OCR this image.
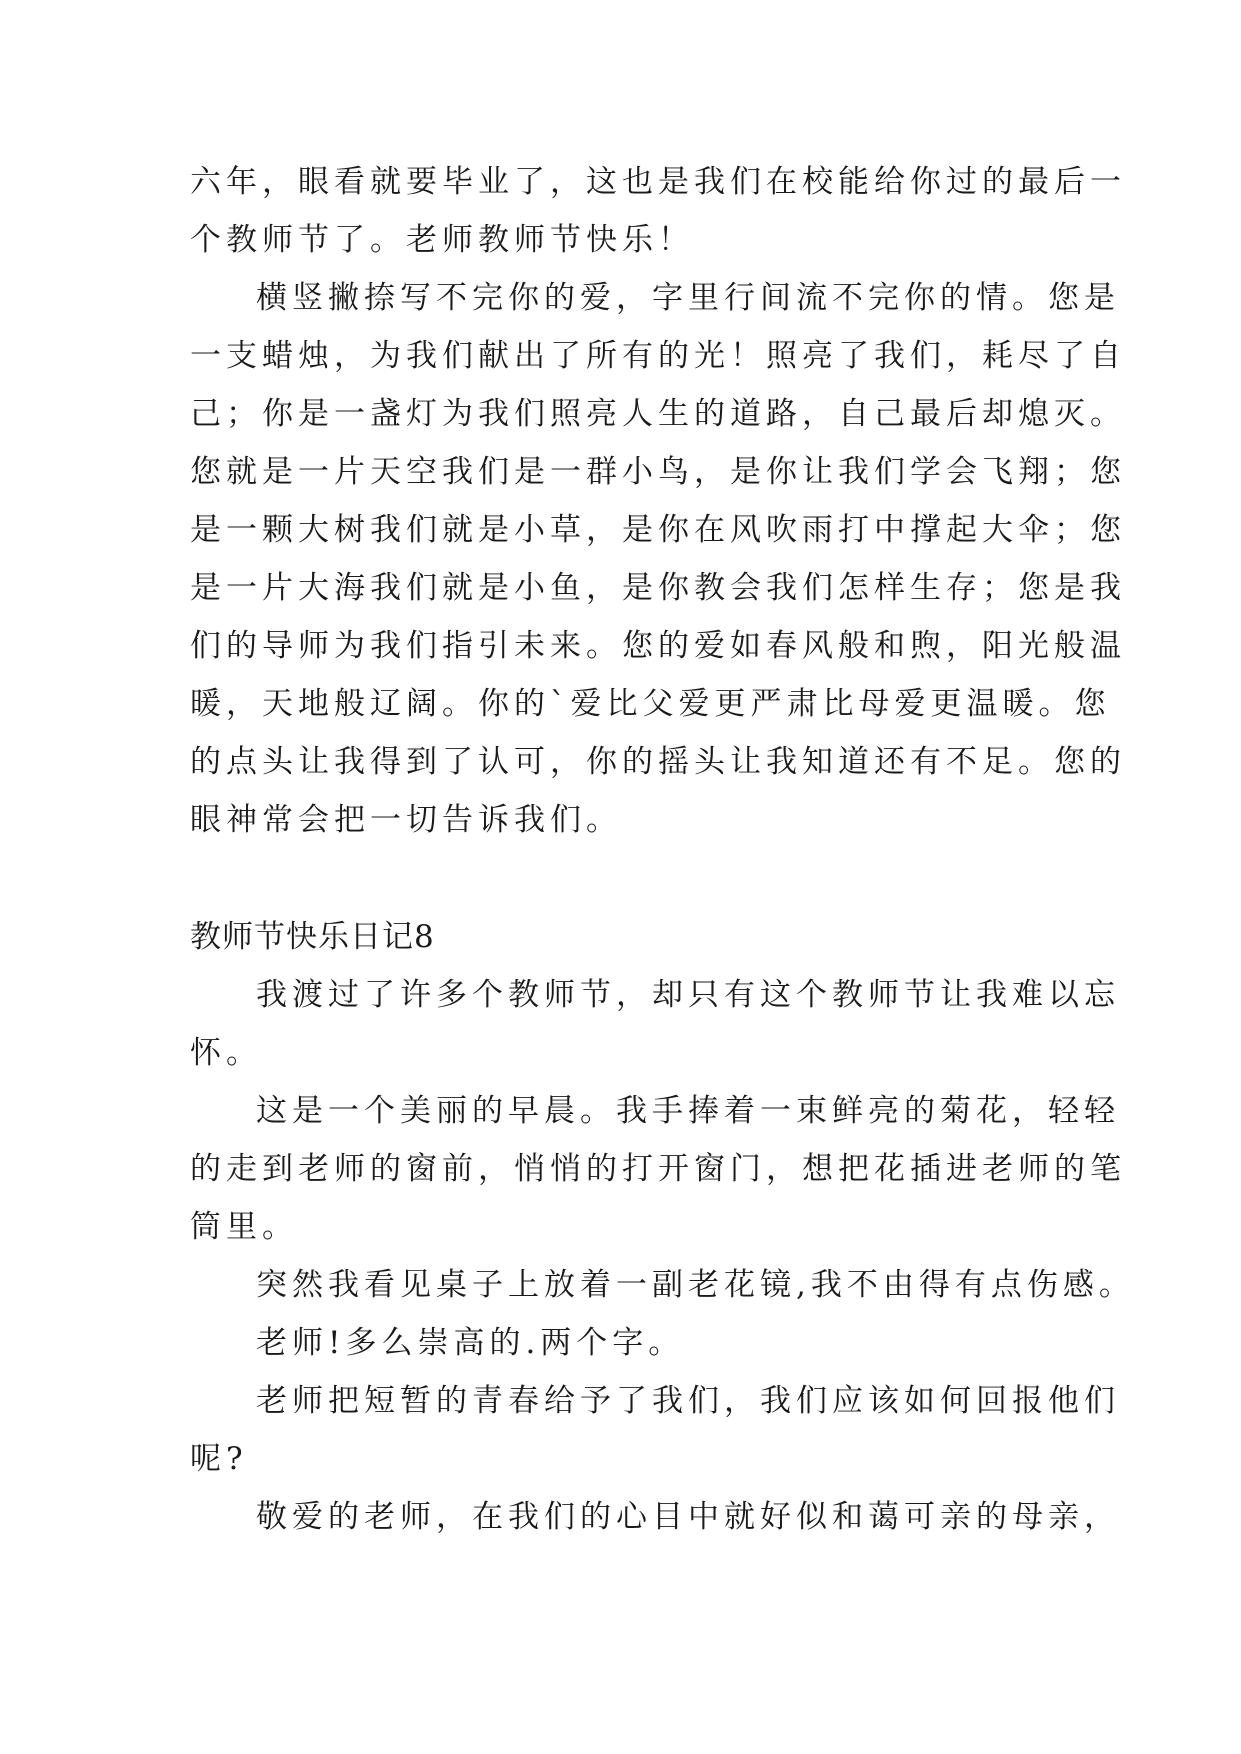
六年，眼看就要毕业了，这也是我们在校能给你过的最后一
个教师节了。老师教师节快乐！
横竖撇捺写不完你的爱，字里行间流不完你的情。您是
一支蜡烛，为我们献出了所有的光！照亮了我们，耗尽了自
己；你是一盏灯为我们照亮人生的道路，自己最后却熄灭。
您就是一片天空我们是一群小鸟，是你让我们学会飞翔；您
是一颗大树我们就是小草，是你在风吹雨打中撑起大伞；您
是一片大海我们就是小鱼，是你教会我们怎样生存；您是我
们的导师为我们指引未来。您的爱如春风般和煦，阳光般温
暖，天地般辽阔。你的`爱比父爱更严肃比母爱更温暖。您
的点头让我得到了认可，你的摇头让我知道还有不足。您的
眼神常会把一切告诉我们。
教师节快乐日记8
我渡过了许多个教师节，却只有这个教师节让我难以忘
怀。
这是一个美丽的早晨。我手捧着一束鲜亮的菊花，轻轻
的走到老师的窗前，悄悄的打开窗门，想把花插进老师的笔
筒里。
突然我看见桌子上放着一副老花镜,我不由得有点伤感。
老师!多么崇高的.两个字。
老师把短暂的青春给予了我们，我们应该如何回报他们
呢?
敬爱的老师，在我们的心目中就好似和蔼可亲的母亲，
